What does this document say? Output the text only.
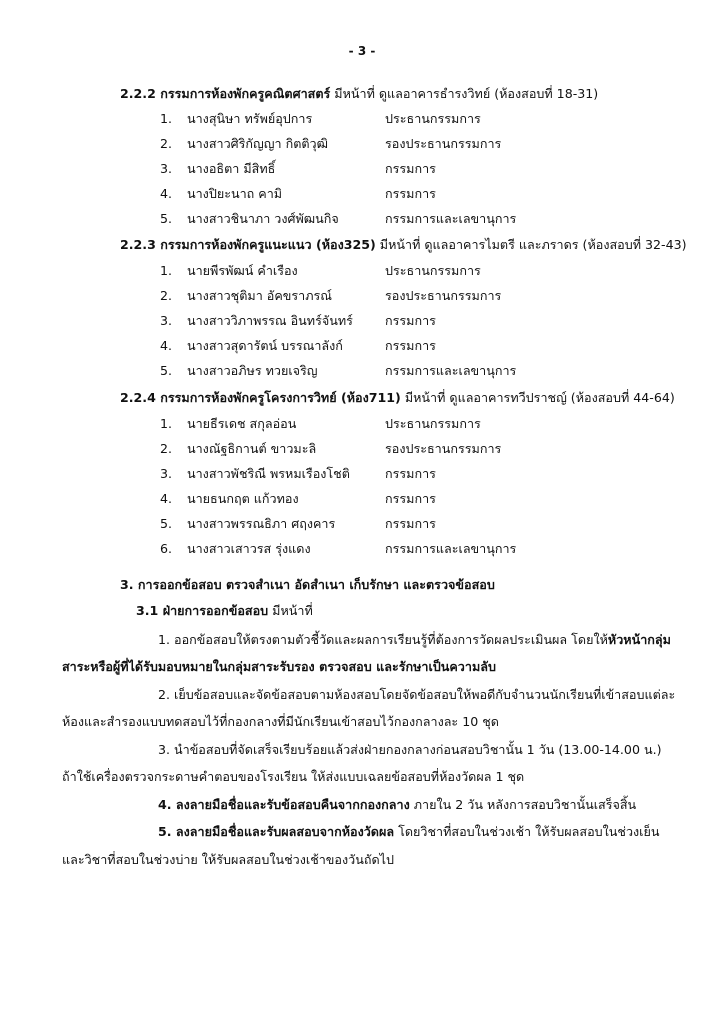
- 3 -
2.2.2 กรรมการห้องพักครูคณิตศาสตร์ มีหน้าที่ ดูแลอาคารธำรงวิทย์ (ห้องสอบที่ 18-31)
1. นางสุนิษา ทรัพย์อุปการ	ประธานกรรมการ
2. นางสาวศิริกัญญา กิตติวุฒิ	รองประธานกรรมการ
3. นางอธิตา มีสิทธิ์	กรรมการ
4. นางปิยะนาถ คามิ	กรรมการ
5. นางสาวชินาภา วงศ์พัฒนกิจ	กรรมการและเลขานุการ
2.2.3 กรรมการห้องพักครูแนะแนว (ห้อง325) มีหน้าที่ ดูแลอาคารไมตรี และภราดร (ห้องสอบที่ 32-43)
1. นายพีรพัฒน์ คำเรือง	ประธานกรรมการ
2. นางสาวชุติมา อัคขราภรณ์	รองประธานกรรมการ
3. นางสาววิภาพรรณ อินทร์จันทร์	กรรมการ
4. นางสาวสุดารัตน์ บรรณาลังก์	กรรมการ
5. นางสาวอภิษร ทวยเจริญ	กรรมการและเลขานุการ
2.2.4 กรรมการห้องพักครูโครงการวิทย์ (ห้อง711) มีหน้าที่ ดูแลอาคารทวีปราชญ์ (ห้องสอบที่ 44-64)
1. นายธีรเดช สกุลอ่อน	ประธานกรรมการ
2. นางณัฐธิกานต์ ขาวมะลิ	รองประธานกรรมการ
3. นางสาวพัชริณี พรหมเรืองโชติ	กรรมการ
4. นายธนกฤต แก้วทอง	กรรมการ
5. นางสาวพรรณธิภา ศฤงคาร	กรรมการ
6. นางสาวเสาวรส รุ่งแดง	กรรมการและเลขานุการ
3. การออกข้อสอบ ตรวจสำเนา อัดสำเนา เก็บรักษา และตรวจข้อสอบ
3.1 ฝ่ายการออกข้อสอบ มีหน้าที่
1. ออกข้อสอบให้ตรงตามตัวชี้วัดและผลการเรียนรู้ที่ต้องการวัดผลประเมินผล โดยให้หัวหน้ากลุ่ม
สาระหรือผู้ที่ได้รับมอบหมายในกลุ่มสาระรับรอง ตรวจสอบ และรักษาเป็นความลับ
2. เย็บข้อสอบและจัดข้อสอบตามห้องสอบโดยจัดข้อสอบให้พอดีกับจำนวนนักเรียนที่เข้าสอบแต่ละ
ห้องและสำรองแบบทดสอบไว้ที่กองกลางที่มีนักเรียนเข้าสอบไว้กองกลางละ 10 ชุด
3. นำข้อสอบที่จัดเสร็จเรียบร้อยแล้วส่งฝ่ายกองกลางก่อนสอบวิชานั้น 1 วัน (13.00-14.00 น.)
ถ้าใช้เครื่องตรวจกระดาษคำตอบของโรงเรียน ให้ส่งแบบเฉลยข้อสอบที่ห้องวัดผล 1 ชุด
4. ลงลายมือชื่อและรับข้อสอบคืนจากกองกลาง ภายใน 2 วัน หลังการสอบวิชานั้นเสร็จสิ้น
5. ลงลายมือชื่อและรับผลสอบจากห้องวัดผล โดยวิชาที่สอบในช่วงเช้า ให้รับผลสอบในช่วงเย็น
และวิชาที่สอบในช่วงบ่าย ให้รับผลสอบในช่วงเช้าของวันถัดไป
